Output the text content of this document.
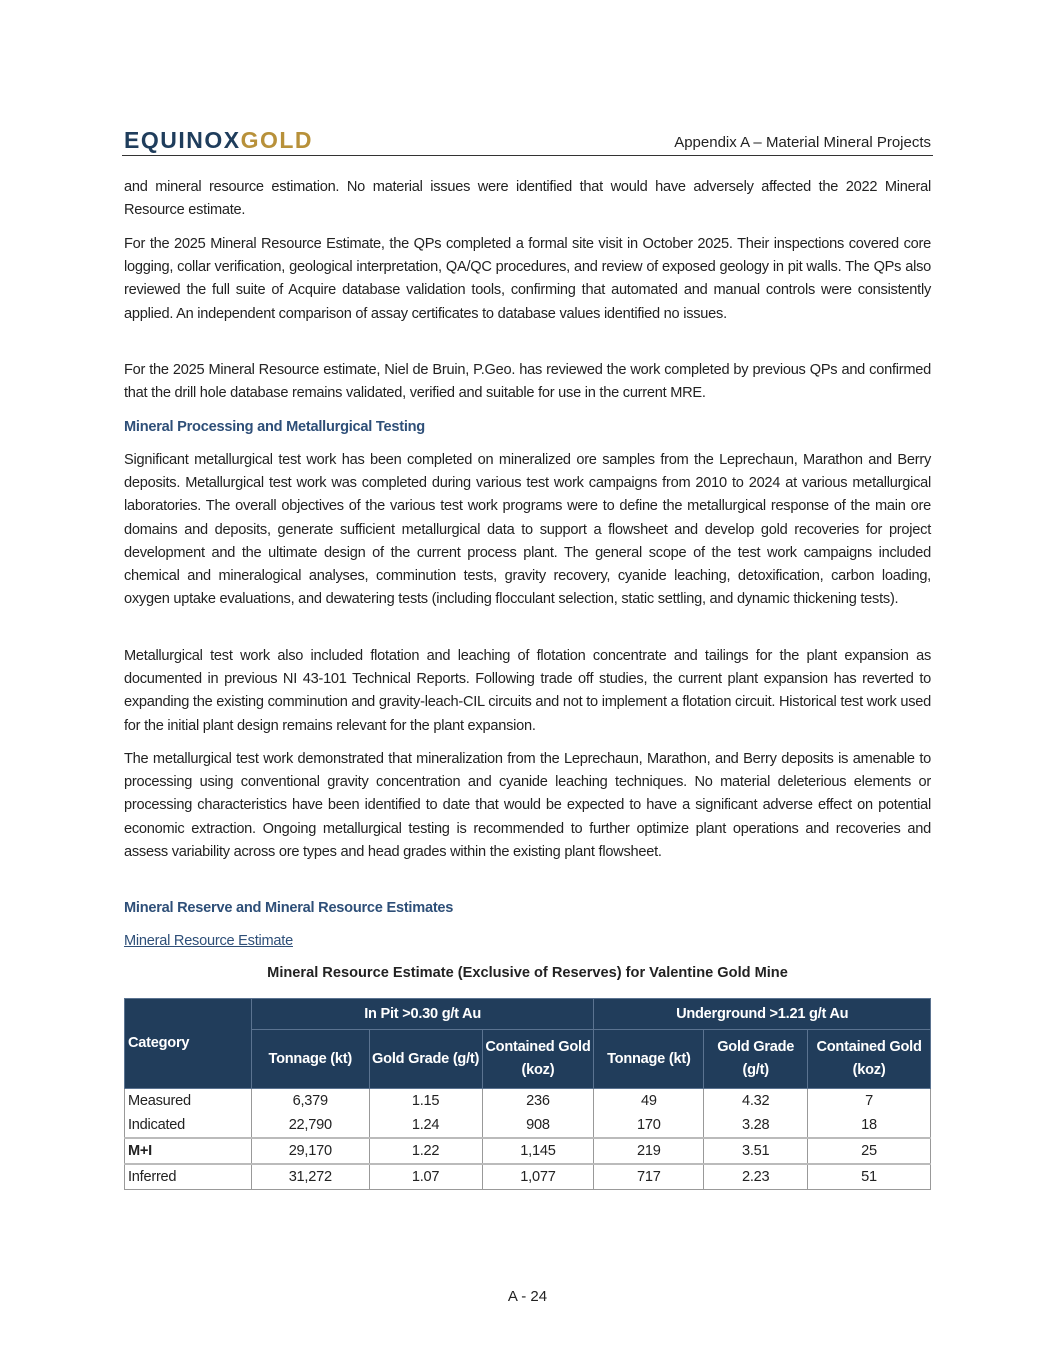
EQUINOXGOLD	Appendix A – Material Mineral Projects

and mineral resource estimation. No material issues were identified that would have adversely affected the 2022 Mineral Resource estimate.

For the 2025 Mineral Resource Estimate, the QPs completed a formal site visit in October 2025. Their inspections covered core logging, collar verification, geological interpretation, QA/QC procedures, and review of exposed geology in pit walls. The QPs also reviewed the full suite of Acquire database validation tools, confirming that automated and manual controls were consistently applied. An independent comparison of assay certificates to database values identified no issues.

For the 2025 Mineral Resource estimate, Niel de Bruin, P.Geo. has reviewed the work completed by previous QPs and confirmed that the drill hole database remains validated, verified and suitable for use in the current MRE.

Mineral Processing and Metallurgical Testing

Significant metallurgical test work has been completed on mineralized ore samples from the Leprechaun, Marathon and Berry deposits. Metallurgical test work was completed during various test work campaigns from 2010 to 2024 at various metallurgical laboratories. The overall objectives of the various test work programs were to define the metallurgical response of the main ore domains and deposits, generate sufficient metallurgical data to support a flowsheet and develop gold recoveries for project development and the ultimate design of the current process plant. The general scope of the test work campaigns included chemical and mineralogical analyses, comminution tests, gravity recovery, cyanide leaching, detoxification, carbon loading, oxygen uptake evaluations, and dewatering tests (including flocculant selection, static settling, and dynamic thickening tests).

Metallurgical test work also included flotation and leaching of flotation concentrate and tailings for the plant expansion as documented in previous NI 43-101 Technical Reports. Following trade off studies, the current plant expansion has reverted to expanding the existing comminution and gravity-leach-CIL circuits and not to implement a flotation circuit. Historical test work used for the initial plant design remains relevant for the plant expansion.

The metallurgical test work demonstrated that mineralization from the Leprechaun, Marathon, and Berry deposits is amenable to processing using conventional gravity concentration and cyanide leaching techniques. No material deleterious elements or processing characteristics have been identified to date that would be expected to have a significant adverse effect on potential economic extraction. Ongoing metallurgical testing is recommended to further optimize plant operations and recoveries and assess variability across ore types and head grades within the existing plant flowsheet.

Mineral Reserve and Mineral Resource Estimates

Mineral Resource Estimate

Mineral Resource Estimate (Exclusive of Reserves) for Valentine Gold Mine
Category	In Pit >0.30 g/t Au			Underground >1.21 g/t Au		
	Tonnage (kt)	Gold Grade (g/t)	Contained Gold (koz)	Tonnage (kt)	Gold Grade (g/t)	Contained Gold (koz)
Measured	6,379	1.15	236	49	4.32	7
Indicated	22,790	1.24	908	170	3.28	18
M+I	29,170	1.22	1,145	219	3.51	25
Inferred	31,272	1.07	1,077	717	2.23	51
A - 24
